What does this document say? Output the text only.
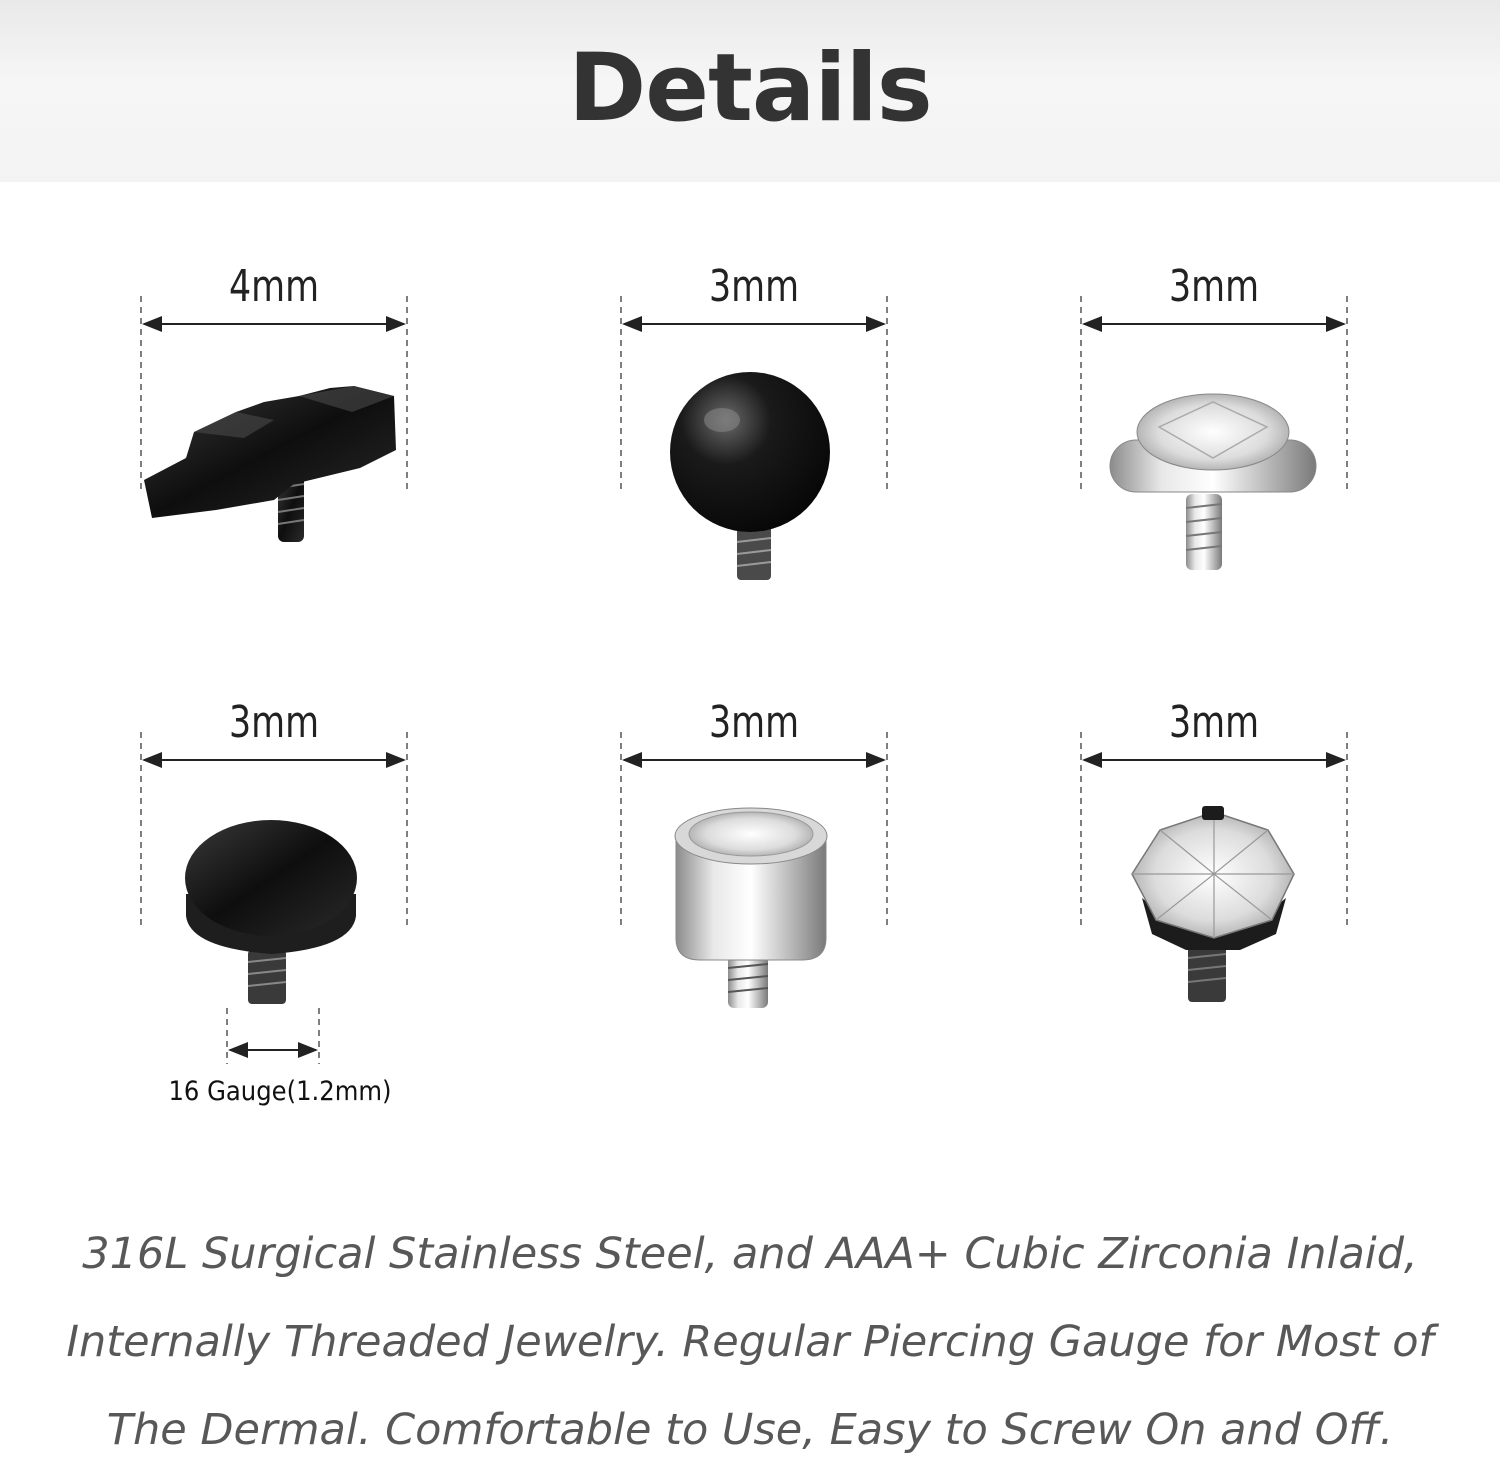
Details
4mm	3mm	3mm
3mm	3mm	3mm
16 Gauge(1.2mm)
316L Surgical Stainless Steel, and AAA+ Cubic Zirconia Inlaid,
Internally Threaded Jewelry. Regular Piercing Gauge for Most of
The Dermal. Comfortable to Use, Easy to Screw On and Off.
